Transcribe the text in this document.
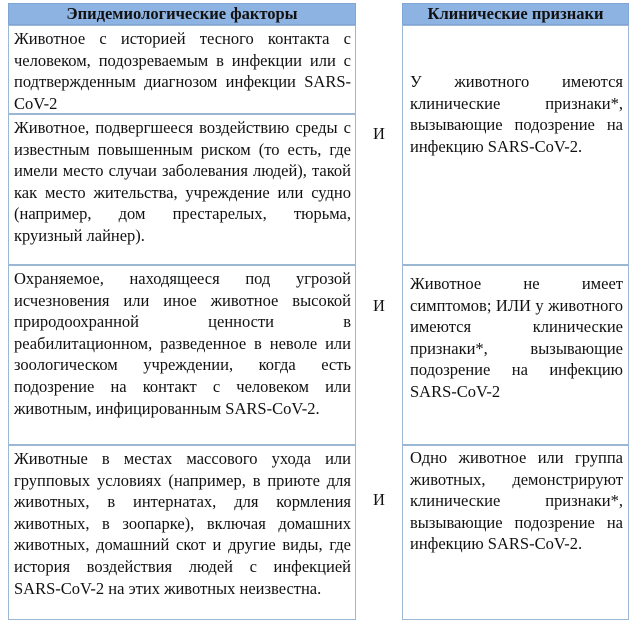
Эпидемиологические факторы	Клинические признаки
Животное с историей тесного контакта с человеком, подозреваемым в инфекции или с подтвержденным диагнозом инфекции SARS-CoV-2
Животное, подвергшееся воздействию среды с известным повышенным риском (то есть, где имели место случаи заболевания людей), такой как место жительства, учреждение или судно (например, дом престарелых, тюрьма, круизный лайнер).
Охраняемое, находящееся под угрозой исчезновения или иное животное высокой природоохранной ценности в реабилитационном, разведенное в неволе или зоологическом учреждении, когда есть подозрение на контакт с человеком или животным, инфицированным SARS-CoV-2.
Животные в местах массового ухода или групповых условиях (например, в приюте для животных, в интернатах, для кормления животных, в зоопарке), включая домашних животных, домашний скот и другие виды, где история воздействия людей с инфекцией SARS-CoV-2 на этих животных неизвестна.
И
И
И
У животного имеются клинические признаки*, вызывающие подозрение на инфекцию SARS-CoV-2.
Животное не имеет симптомов; ИЛИ у животного имеются клинические признаки*, вызывающие подозрение на инфекцию SARS-CoV-2
Одно животное или группа животных, демонстрируют клинические признаки*, вызывающие подозрение на инфекцию SARS-CoV-2.
